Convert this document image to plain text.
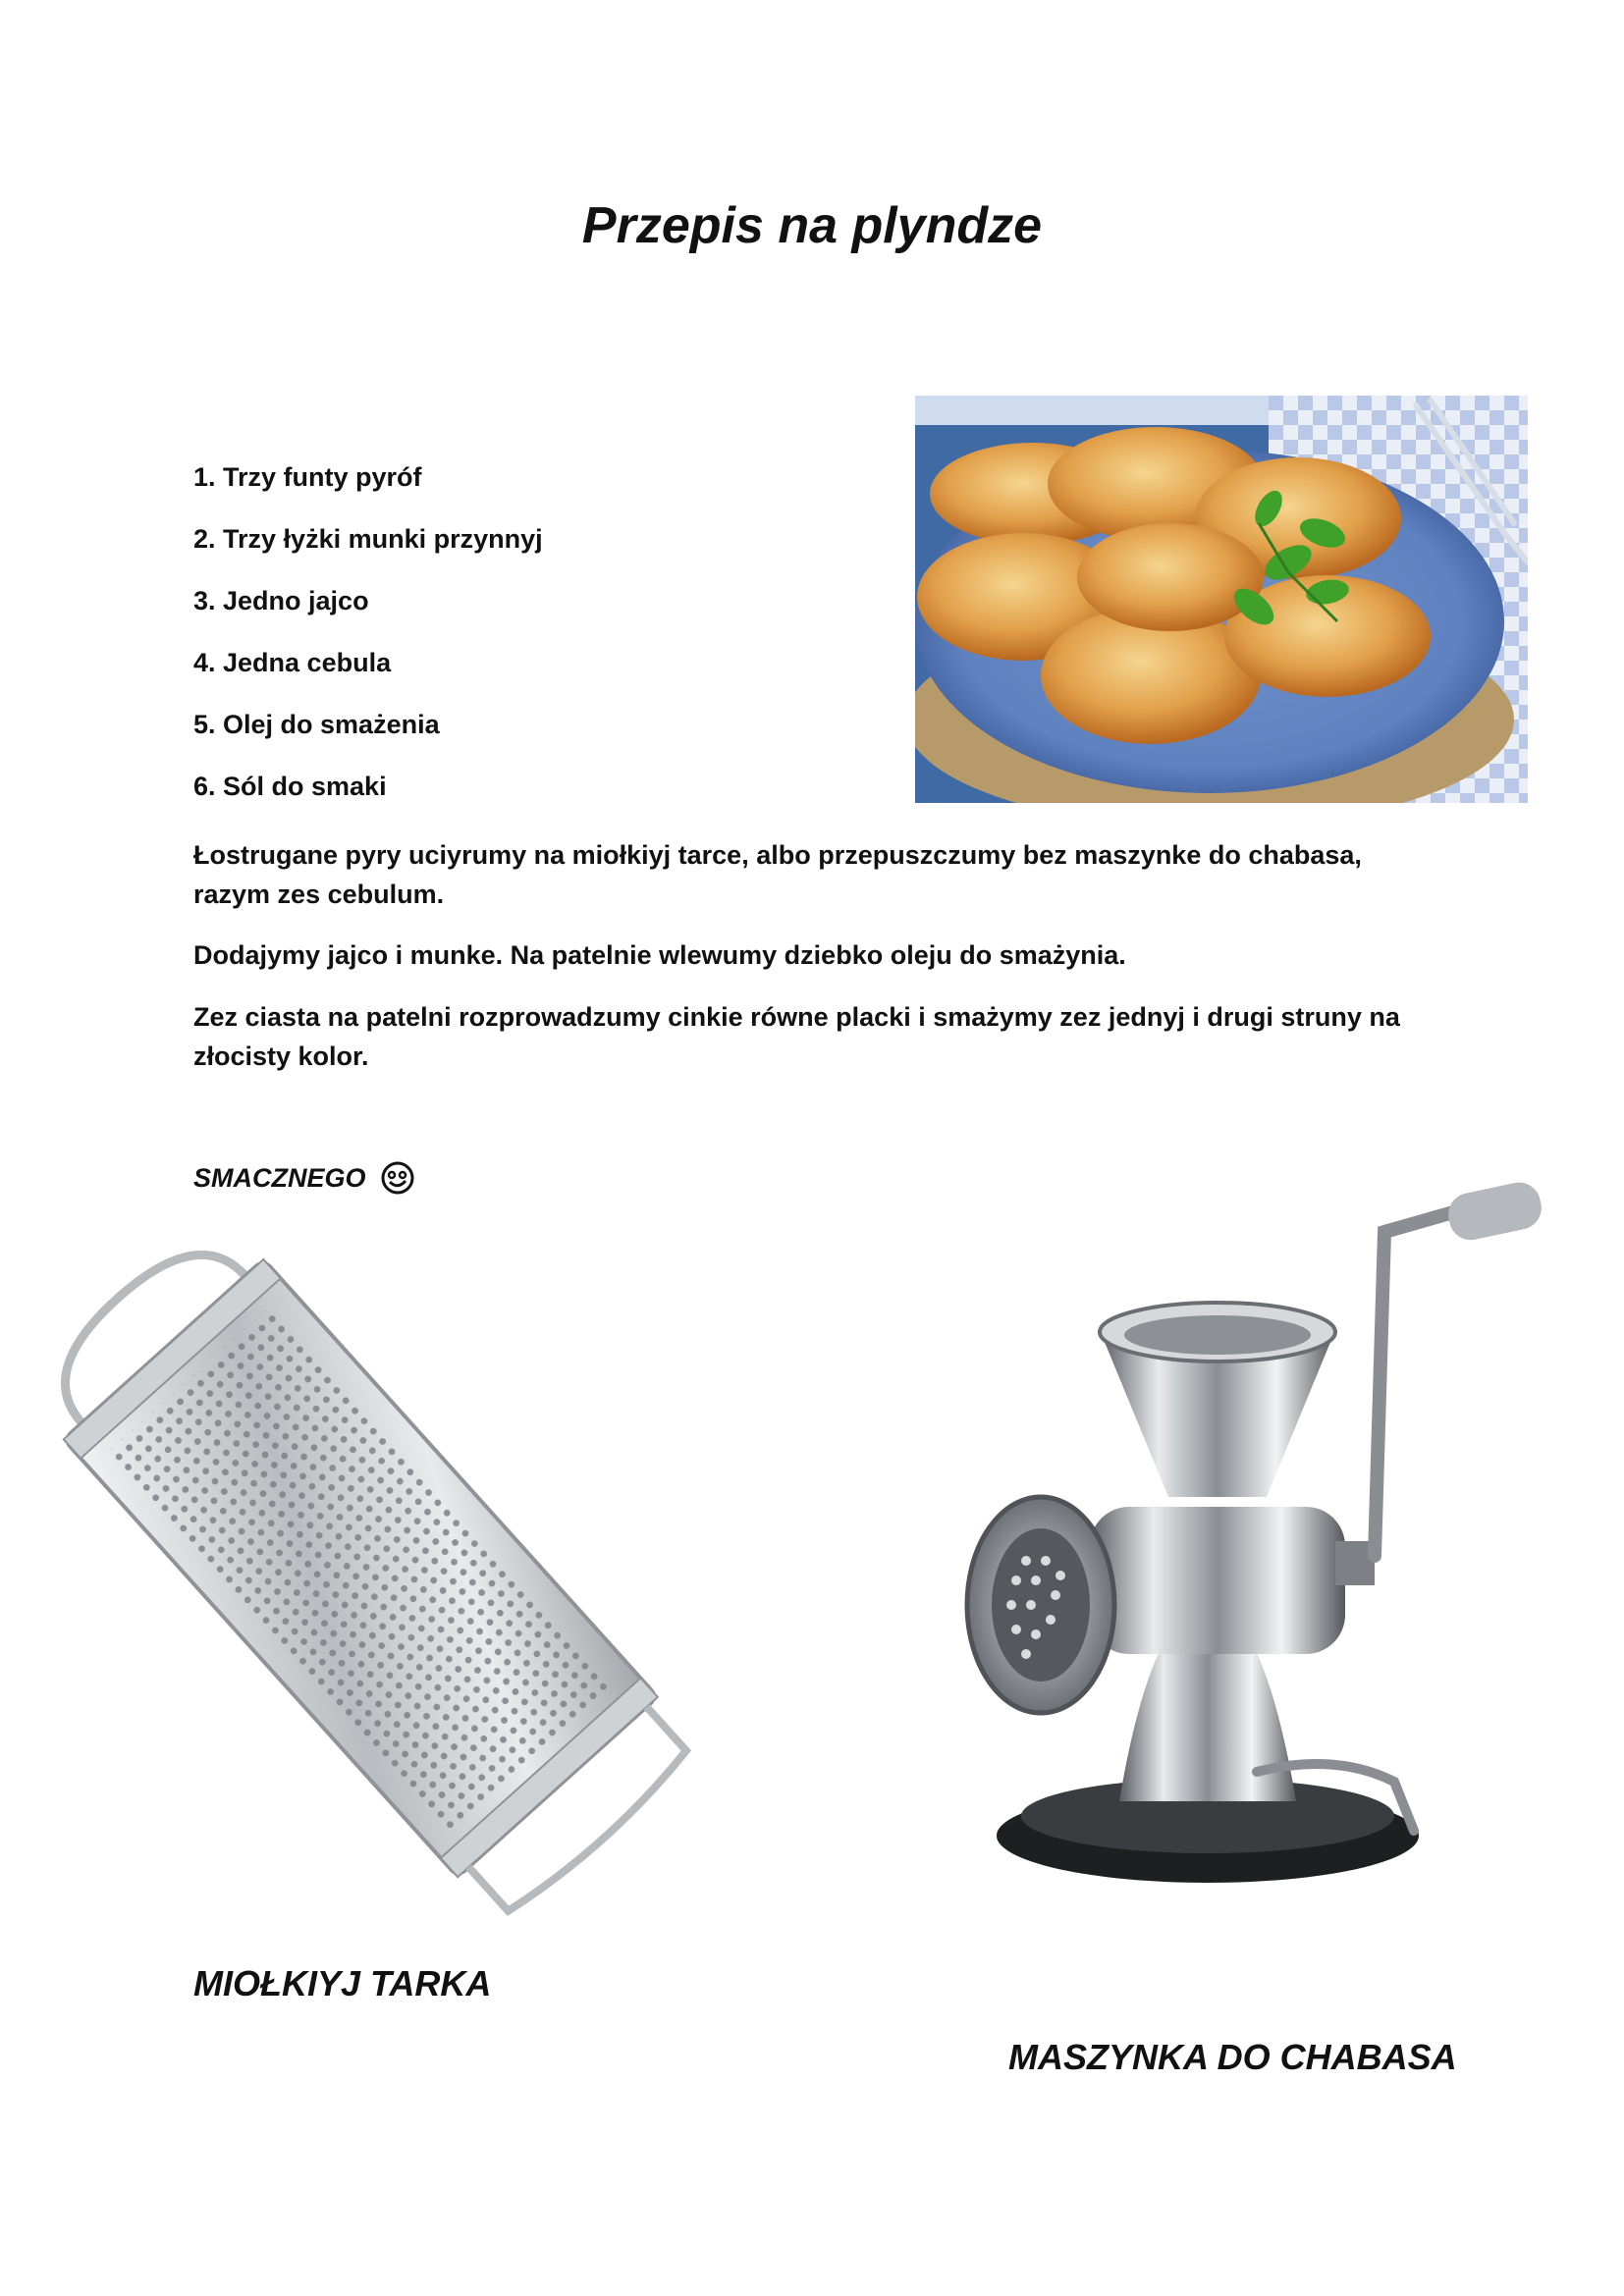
Przepis na plyndze
1. Trzy funty pyróf
2. Trzy łyżki munki przynnyj
3. Jedno jajco
4. Jedna cebula
5. Olej do smażenia
6. Sól do smaki

Łostrugane pyry uciyrumy na miołkiyj tarce, albo przepuszczumy bez maszynke do chabasa, razym zes cebulum.

Dodajymy jajco i munke. Na patelnie wlewumy dziebko oleju do smażynia.

Zez ciasta na patelni rozprowadzumy cinkie równe placki i smażymy zez jednyj i drugi struny na złocisty kolor.

SMACZNEGO
MIOŁKIYJ TARKA
MASZYNKA DO CHABASA
